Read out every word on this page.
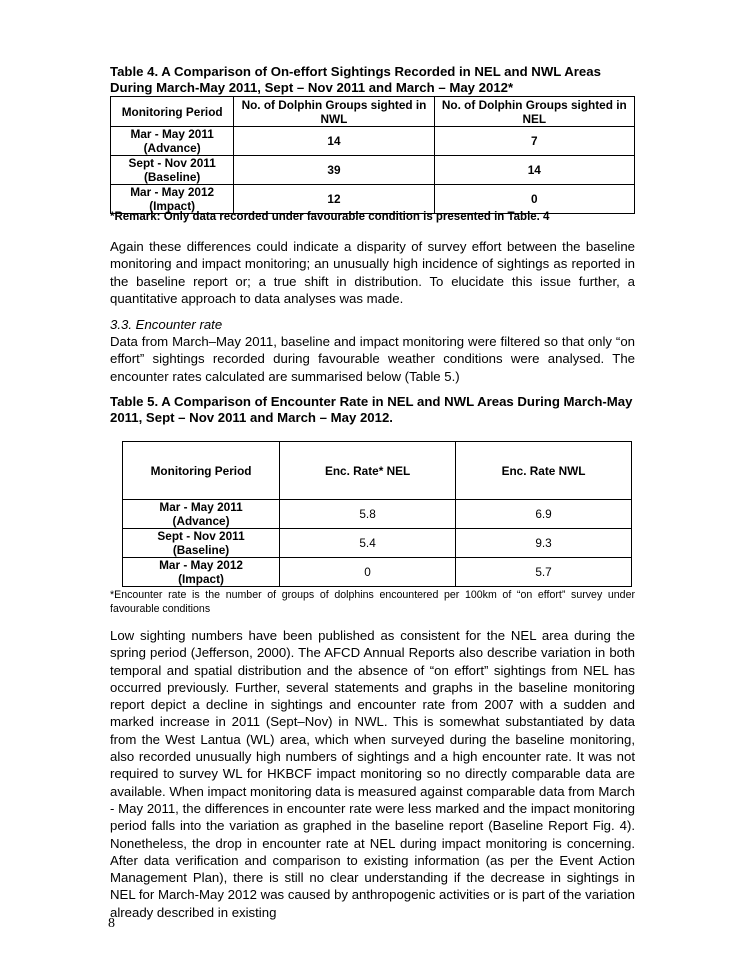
Table 4. A Comparison of On-effort Sightings Recorded in NEL and NWL Areas During March-May 2011, Sept – Nov 2011 and March – May 2012*
Monitoring Period	No. of Dolphin Groups sighted in NWL	No. of Dolphin Groups sighted in NEL

Mar - May 2011
(Advance)	14	7

Sept - Nov 2011
(Baseline)	39	14

Mar - May 2012
(Impact)	12	0
*Remark: Only data recorded under favourable condition is presented in Table. 4
Again these differences could indicate a disparity of survey effort between the baseline monitoring and impact monitoring; an unusually high incidence of sightings as reported in the baseline report or; a true shift in distribution. To elucidate this issue further, a quantitative approach to data analyses was made.
3.3. Encounter rate
Data from March–May 2011, baseline and impact monitoring were filtered so that only “on effort” sightings recorded during favourable weather conditions were analysed. The encounter rates calculated are summarised below (Table 5.)
Table 5. A Comparison of Encounter Rate in NEL and NWL Areas During March-May 2011, Sept – Nov 2011 and March – May 2012.
Monitoring Period	Enc. Rate* NEL	Enc. Rate NWL

Mar - May 2011
(Advance)	5.8	6.9

Sept - Nov 2011
(Baseline)	5.4	9.3

Mar - May 2012
(Impact)	0	5.7
*Encounter rate is the number of groups of dolphins encountered per 100km of “on effort” survey under favourable conditions
Low sighting numbers have been published as consistent for the NEL area during the spring period (Jefferson, 2000). The AFCD Annual Reports also describe variation in both temporal and spatial distribution and the absence of “on effort” sightings from NEL has occurred previously. Further, several statements and graphs in the baseline monitoring report depict a decline in sightings and encounter rate from 2007 with a sudden and marked increase in 2011 (Sept–Nov) in NWL. This is somewhat substantiated by data from the West Lantua (WL) area, which when surveyed during the baseline monitoring, also recorded unusually high numbers of sightings and a high encounter rate. It was not required to survey WL for HKBCF impact monitoring so no directly comparable data are available. When impact monitoring data is measured against comparable data from March - May 2011, the differences in encounter rate were less marked and the impact monitoring period falls into the variation as graphed in the baseline report (Baseline Report Fig. 4). Nonetheless, the drop in encounter rate at NEL during impact monitoring is concerning. After data verification and comparison to existing information (as per the Event Action Management Plan), there is still no clear understanding if the decrease in sightings in NEL for March-May 2012 was caused by anthropogenic activities or is part of the variation already described in existing
8
